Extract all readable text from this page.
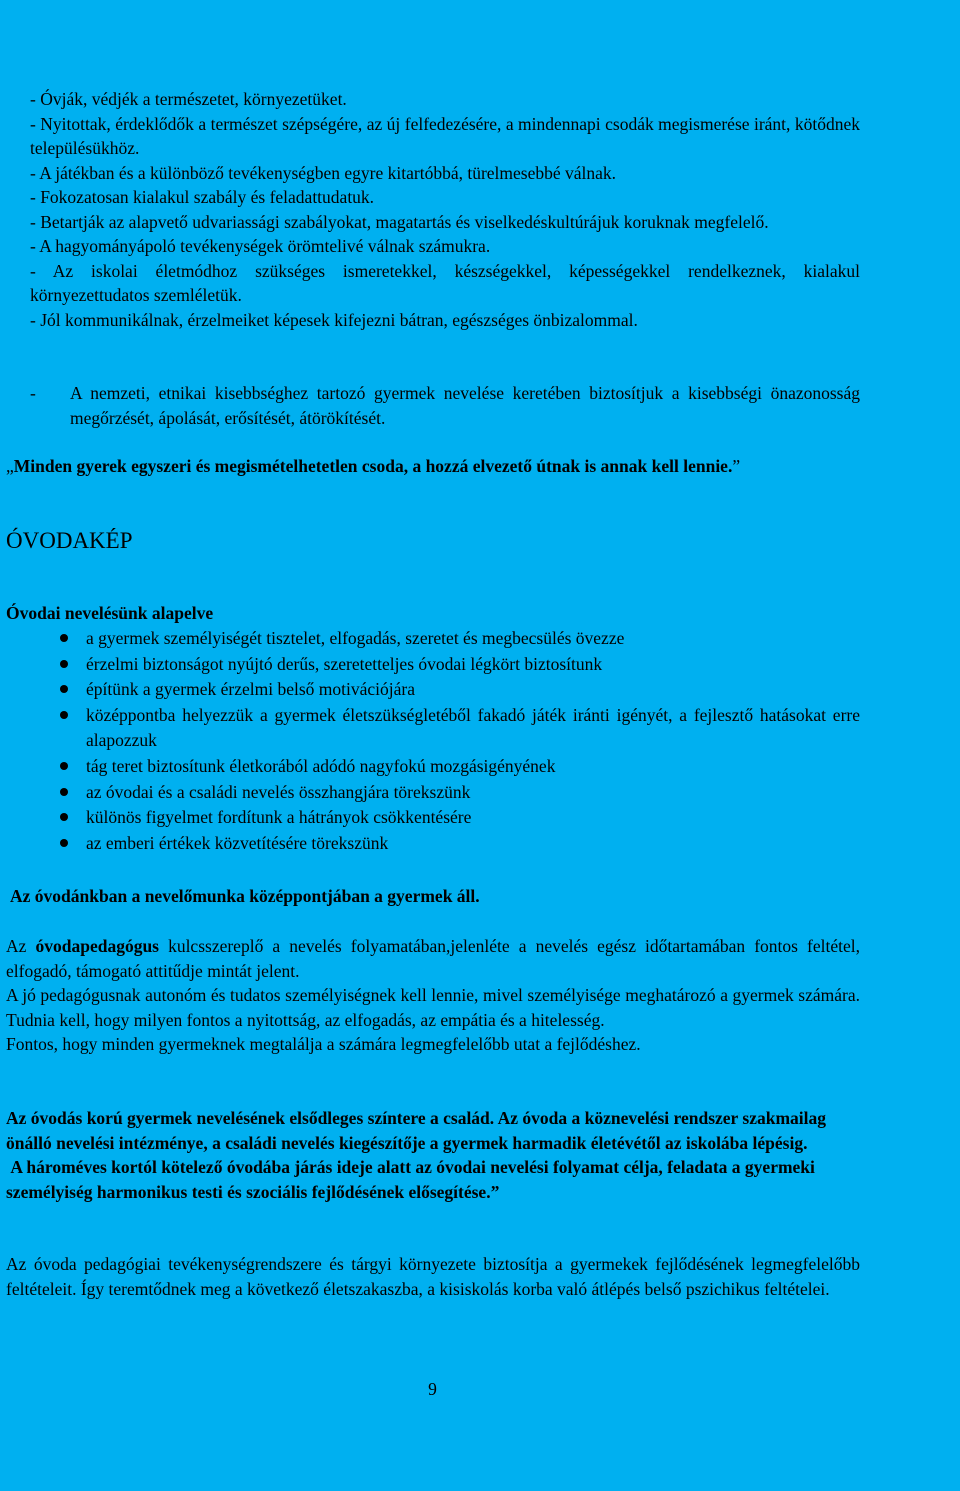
- Óvják, védjék a természetet, környezetüket.

- Nyitottak, érdeklődők a természet szépségére, az új felfedezésére, a mindennapi csodák megismerése iránt, kötődnek településükhöz.

- A játékban és a különböző tevékenységben egyre kitartóbbá, türelmesebbé válnak.

- Fokozatosan kialakul szabály és feladattudatuk.

- Betartják az alapvető udvariassági szabályokat, magatartás és viselkedéskultúrájuk koruknak megfelelő.

- A hagyományápoló tevékenységek örömtelivé válnak számukra.

- Az iskolai életmódhoz szükséges ismeretekkel, készségekkel, képességekkel rendelkeznek, kialakul környezettudatos szemléletük.

- Jól kommunikálnak, érzelmeiket képesek kifejezni bátran, egészséges önbizalommal.

-	A nemzeti, etnikai kisebbséghez tartozó gyermek nevelése keretében biztosítjuk a kisebbségi önazonosság megőrzését, ápolását, erősítését, átörökítését.
„Minden gyerek egyszeri és megismételhetetlen csoda, a hozzá elvezető útnak is annak kell lennie.”
ÓVODAKÉP
Óvodai nevelésünk alapelve
a gyermek személyiségét tisztelet, elfogadás, szeretet és megbecsülés övezze
érzelmi biztonságot nyújtó derűs, szeretetteljes óvodai légkört biztosítunk
építünk a gyermek érzelmi belső motivációjára
középpontba helyezzük a gyermek életszükségletéből fakadó játék iránti igényét, a fejlesztő hatásokat erre alapozzuk
tág teret biztosítunk életkorából adódó nagyfokú mozgásigényének
az óvodai és a családi nevelés összhangjára törekszünk
különös figyelmet fordítunk a hátrányok csökkentésére
az emberi értékek közvetítésére törekszünk
Az óvodánkban a nevelőmunka középpontjában a gyermek áll.

Az óvodapedagógus kulcsszereplő a nevelés folyamatában,jelenléte a nevelés egész időtartamában fontos feltétel, elfogadó, támogató attitűdje mintát jelent.

A jó pedagógusnak autonóm és tudatos személyiségnek kell lennie, mivel személyisége meghatározó a gyermek számára. Tudnia kell, hogy milyen fontos a nyitottság, az elfogadás, az empátia és a hitelesség.

Fontos, hogy minden gyermeknek megtalálja a számára legmegfelelőbb utat a fejlődéshez.

Az óvodás korú gyermek nevelésének elsődleges színtere a család. Az óvoda a köznevelési rendszer szakmailag önálló nevelési intézménye, a családi nevelés kiegészítője a gyermek harmadik életévétől az iskolába lépésig.

A hároméves kortól kötelező óvodába járás ideje alatt az óvodai nevelési folyamat célja, feladata a gyermeki személyiség harmonikus testi és szociális fejlődésének elősegítése.”

Az óvoda pedagógiai tevékenységrendszere és tárgyi környezete biztosítja a gyermekek fejlődésének legmegfelelőbb feltételeit. Így teremtődnek meg a következő életszakaszba, a kisiskolás korba való átlépés belső pszichikus feltételei.
9
